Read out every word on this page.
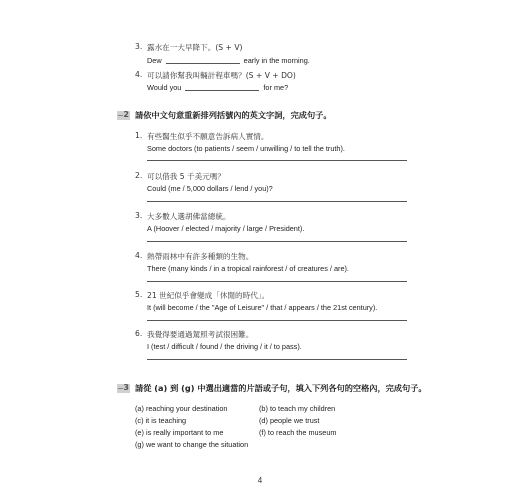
3. 露水在一大早降下。(S + V)
Dew	early in the morning.
4. 可以請你幫我叫輛計程車嗎？(S + V + DO)
Would you	for me?
2 請依中文句意重新排列括號內的英文字詞，完成句子。
1. 有些醫生似乎不願意告訴病人實情。
Some doctors (to patients / seem / unwilling / to tell the truth).
2. 可以借我 5 千美元嗎？
Could (me / 5,000 dollars / lend / you)?
3. 大多數人選胡佛當總統。
A (Hoover / elected / majority / large / President).
4. 熱帶雨林中有許多種類的生物。
There (many kinds / in a tropical rainforest / of creatures / are).
5. 21 世紀似乎會變成「休閒的時代」。
It (will become / the "Age of Leisure" / that / appears / the 21st century).
6. 我覺得要通過駕照考試很困難。
I (test / difficult / found / the driving / it / to pass).
3 請從 (a) 到 (g) 中選出適當的片語或子句，填入下列各句的空格內，完成句子。
(a) reaching your destination	(b) to teach my children
(c) it is teaching	(d) people we trust
(e) is really important to me	(f) to reach the museum
(g) we want to change the situation
4
